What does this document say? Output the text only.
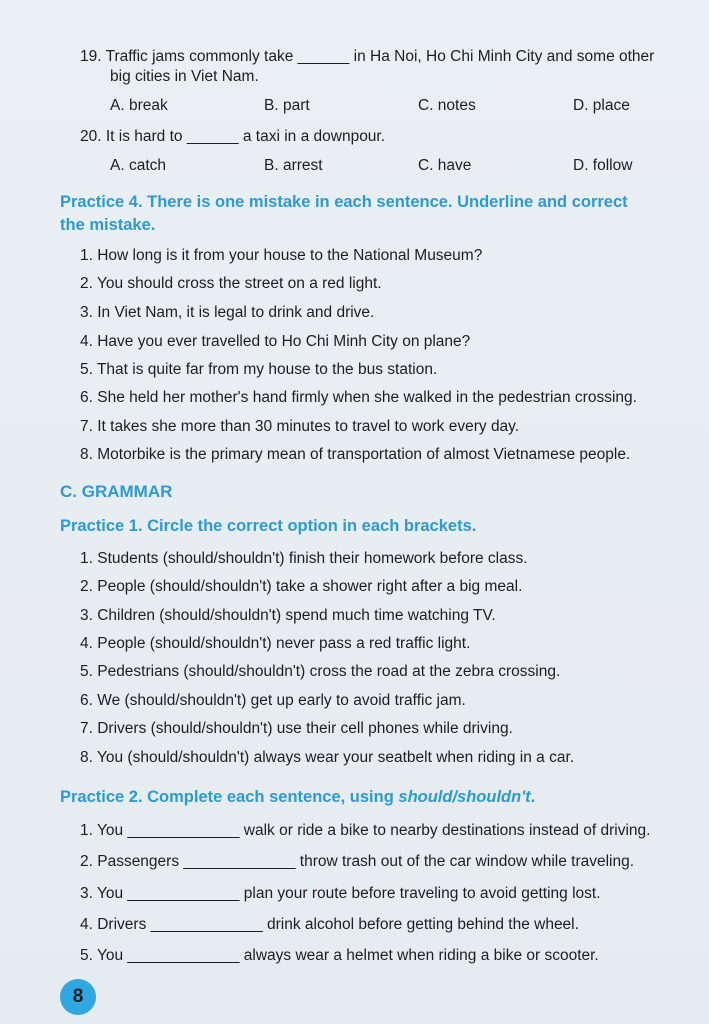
19. Traffic jams commonly take ______ in Ha Noi, Ho Chi Minh City and some other
big cities in Viet Nam.
A. break	B. part	C. notes	D. place
20. It is hard to ______ a taxi in a downpour.
A. catch	B. arrest	C. have	D. follow
Practice 4. There is one mistake in each sentence. Underline and correct
the mistake.
1. How long is it from your house to the National Museum?
2. You should cross the street on a red light.
3. In Viet Nam, it is legal to drink and drive.
4. Have you ever travelled to Ho Chi Minh City on plane?
5. That is quite far from my house to the bus station.
6. She held her mother's hand firmly when she walked in the pedestrian crossing.
7. It takes she more than 30 minutes to travel to work every day.
8. Motorbike is the primary mean of transportation of almost Vietnamese people.
C. GRAMMAR
Practice 1. Circle the correct option in each brackets.
1. Students (should/shouldn't) finish their homework before class.
2. People (should/shouldn't) take a shower right after a big meal.
3. Children (should/shouldn't) spend much time watching TV.
4. People (should/shouldn't) never pass a red traffic light.
5. Pedestrians (should/shouldn't) cross the road at the zebra crossing.
6. We (should/shouldn't) get up early to avoid traffic jam.
7. Drivers (should/shouldn't) use their cell phones while driving.
8. You (should/shouldn't) always wear your seatbelt when riding in a car.
Practice 2. Complete each sentence, using should/shouldn't.
1. You _____________ walk or ride a bike to nearby destinations instead of driving.
2. Passengers _____________ throw trash out of the car window while traveling.
3. You _____________ plan your route before traveling to avoid getting lost.
4. Drivers _____________ drink alcohol before getting behind the wheel.
5. You _____________ always wear a helmet when riding a bike or scooter.
8
